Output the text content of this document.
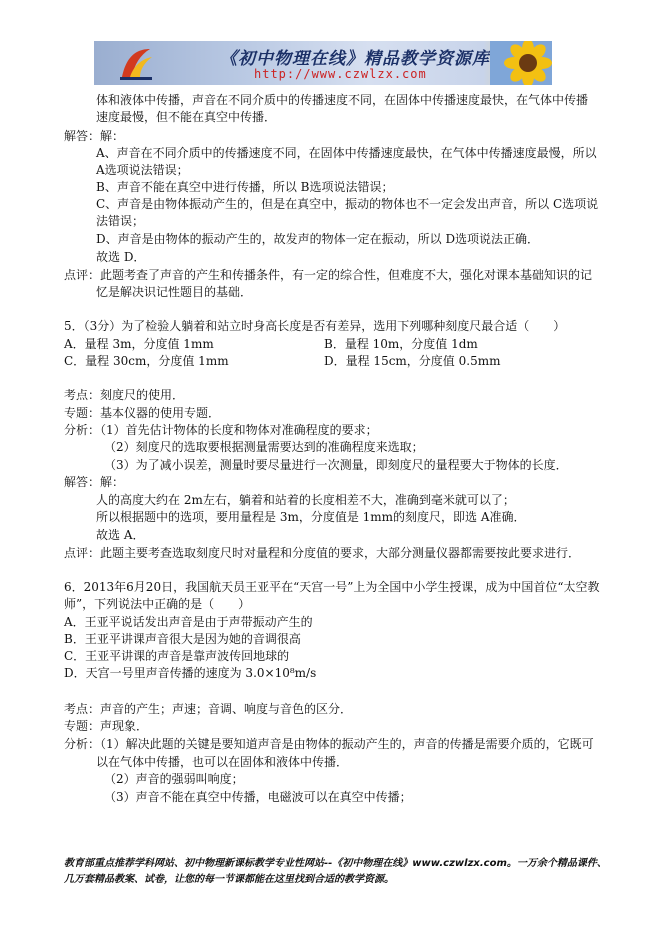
《初中物理在线》精品教学资源库
http://www.czwlzx.com
体和液体中传播，声音在不同介质中的传播速度不同，在固体中传播速度最快，在气体中传播
速度最慢，但不能在真空中传播．
解答：解：
A、声音在不同介质中的传播速度不同，在固体中传播速度最快，在气体中传播速度最慢，所以
A选项说法错误；
B、声音不能在真空中进行传播，所以 B选项说法错误；
C、声音是由物体振动产生的，但是在真空中，振动的物体也不一定会发出声音，所以 C选项说
法错误；
D、声音是由物体的振动产生的，故发声的物体一定在振动，所以 D选项说法正确．
故选 D．
点评：此题考查了声音的产生和传播条件，有一定的综合性，但难度不大，强化对课本基础知识的记
忆是解决识记性题目的基础．
5．（3分）为了检验人躺着和站立时身高长度是否有差异，选用下列哪种刻度尺最合适（　　）
A．量程 3m，分度值 1mm	B．量程 10m，分度值 1dm
C．量程 30cm，分度值 1mm	D．量程 15cm，分度值 0.5mm
考点：刻度尺的使用．
专题：基本仪器的使用专题．
分析：（1）首先估计物体的长度和物体对准确程度的要求；
（2）刻度尺的选取要根据测量需要达到的准确程度来选取；
（3）为了减小误差，测量时要尽量进行一次测量，即刻度尺的量程要大于物体的长度．
解答：解：
人的高度大约在 2m左右，躺着和站着的长度相差不大，准确到毫米就可以了；
所以根据题中的选项，要用量程是 3m，分度值是 1mm的刻度尺，即选 A准确．
故选 A．
点评：此题主要考查选取刻度尺时对量程和分度值的要求，大部分测量仪器都需要按此要求进行．
6．2013年6月20日，我国航天员王亚平在“天宫一号”上为全国中小学生授课，成为中国首位“太空教
师”，下列说法中正确的是（　　）
A．王亚平说话发出声音是由于声带振动产生的
B．王亚平讲课声音很大是因为她的音调很高
C．王亚平讲课的声音是靠声波传回地球的
D．天宫一号里声音传播的速度为 3.0×10⁸m/s
考点：声音的产生；声速；音调、响度与音色的区分．
专题：声现象．
分析：（1）解决此题的关键是要知道声音是由物体的振动产生的，声音的传播是需要介质的，它既可
以在气体中传播，也可以在固体和液体中传播．
（2）声音的强弱叫响度；
（3）声音不能在真空中传播，电磁波可以在真空中传播；
教育部重点推荐学科网站、初中物理新课标教学专业性网站--《初中物理在线》www.czwlzx.com。一万余个精品课件、
几万套精品教案、试卷，让您的每一节课都能在这里找到合适的教学资源。
